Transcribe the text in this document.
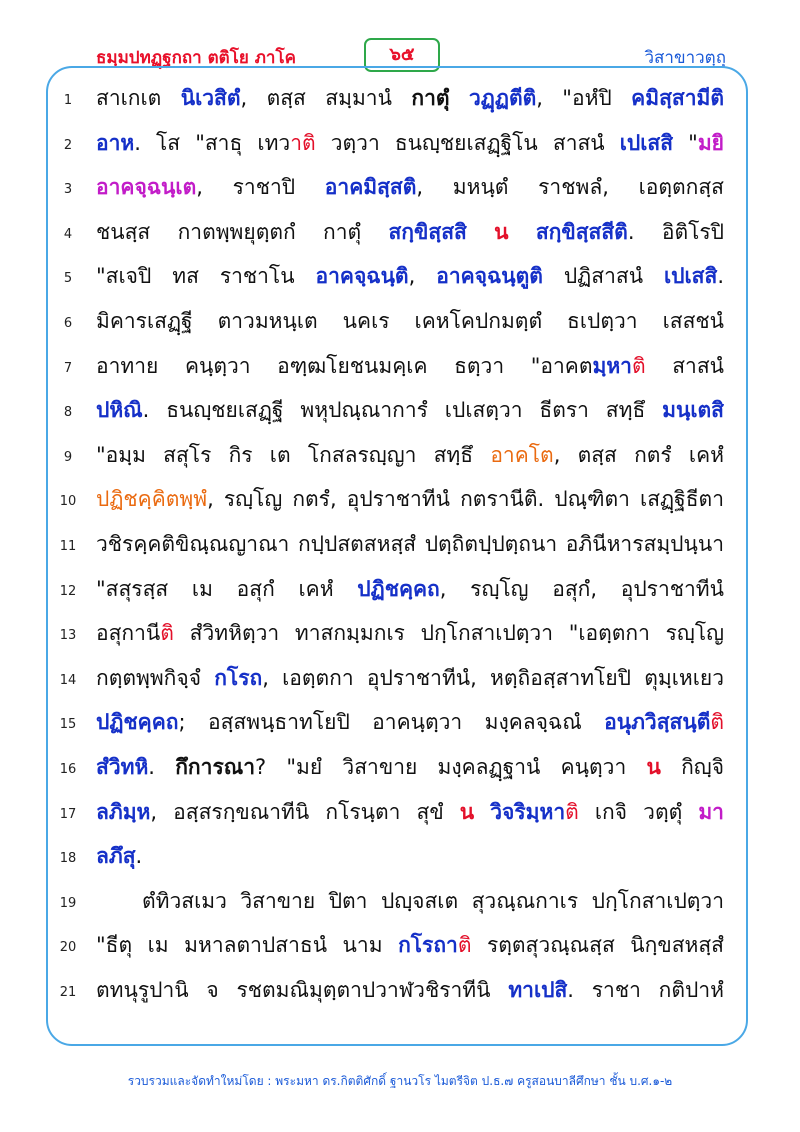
ธมฺมปทฏฺฐกถา ตติโย ภาโค	๖๕	วิสาขาวตฺถุ
1 สาเกเต นิเวสิตํ, ตสฺส สมฺมานํ กาตุํ วฏฺฏตีติ, "อหํปิ คมิสฺสามีติ
2 อาห. โส "สาธุ เทวาติ วตฺวา ธนญฺชยเสฏฺฐิโน สาสนํ เปเสสิ "มยิ
3 อาคจฺฉนฺเต, ราชาปิ อาคมิสฺสติ, มหนฺตํ ราชพลํ, เอตฺตกสฺส
4 ชนสฺส กาตพฺพยุตฺตกํ กาตุํ สกฺขิสฺสสิ น สกฺขิสฺสสีติ. อิติโรปิ
5 "สเจปิ ทส ราชาโน อาคจฺฉนฺติ, อาคจฺฉนฺตูติ ปฏิสาสนํ เปเสสิ.
6 มิคารเสฏฺฐี ตาวมหนฺเต นคเร เคหโคปกมตฺตํ ธเปตฺวา เสสชนํ
7 อาทาย คนฺตฺวา อฑฺฒโยชนมคฺเค ธตฺวา "อาคตมฺหาติ สาสนํ
8 ปหิณิ. ธนญฺชยเสฏฺฐี พหุปณฺณาการํ เปเสตฺวา ธีตรา สทฺธึ มนฺเตสิ
9 "อมฺม สสุโร กิร เต โกสลรญฺญา สทฺธึ อาคโต, ตสฺส กตรํ เคหํ
10 ปฏิชคฺคิตพฺพํ, รญฺโญ กตรํ, อุปราชาทีนํ กตรานีติ. ปณฺฑิตา เสฏฺฐิธีตา
11 วชิรคฺคติขิณฺณญาณา กปฺปสตสหสฺสํ ปตฺถิตปฺปตฺถนา อภินีหารสมฺปนฺนา
12 "สสุรสฺส เม อสุกํ เคหํ ปฏิชคฺคถ, รญฺโญ อสุกํ, อุปราชาทีนํ
13 อสุกานีติ สํวิทหิตฺวา ทาสกมฺมกเร ปกฺโกสาเปตฺวา "เอตฺตกา รญฺโญ
14 กตฺตพฺพกิจฺจํ กโรถ, เอตฺตกา อุปราชาทีนํ, หตฺถิอสฺสาทโยปิ ตุมฺเหเยว
15 ปฏิชคฺคถ; อสฺสพนฺธาทโยปิ อาคนฺตฺวา มงฺคลจฺฉณํ อนุภวิสฺสนฺตีติ
16 สํวิทหิ. กึการณา? "มยํ วิสาขาย มงฺคลฏฺฐานํ คนฺตฺวา น กิญฺจิ
17 ลภิมฺห, อสฺสรกฺขณาทีนิ กโรนฺตา สุขํ น วิจริมฺหาติ เกจิ วตฺตุํ มา
18 ลภึสุ.
19	ตํทิวสเมว วิสาขาย ปิตา ปญฺจสเต สุวณฺณกาเร ปกฺโกสาเปตฺวา
20 "ธีตุ เม มหาลตาปสาธนํ นาม กโรถาติ รตฺตสุวณฺณสฺส นิกฺขสหสฺสํ
21 ตทนุรูปานิ จ รชตมณิมุตฺตาปวาฬวชิราทีนิ ทาเปสิ. ราชา กติปาหํ
รวบรวมและจัดทำใหม่โดย : พระมหา ดร.กิตติศักดิ์ ฐานวโร ไมตรีจิต ป.ธ.๗ ครูสอนบาลีศึกษา ชั้น บ.ศ.๑-๒
